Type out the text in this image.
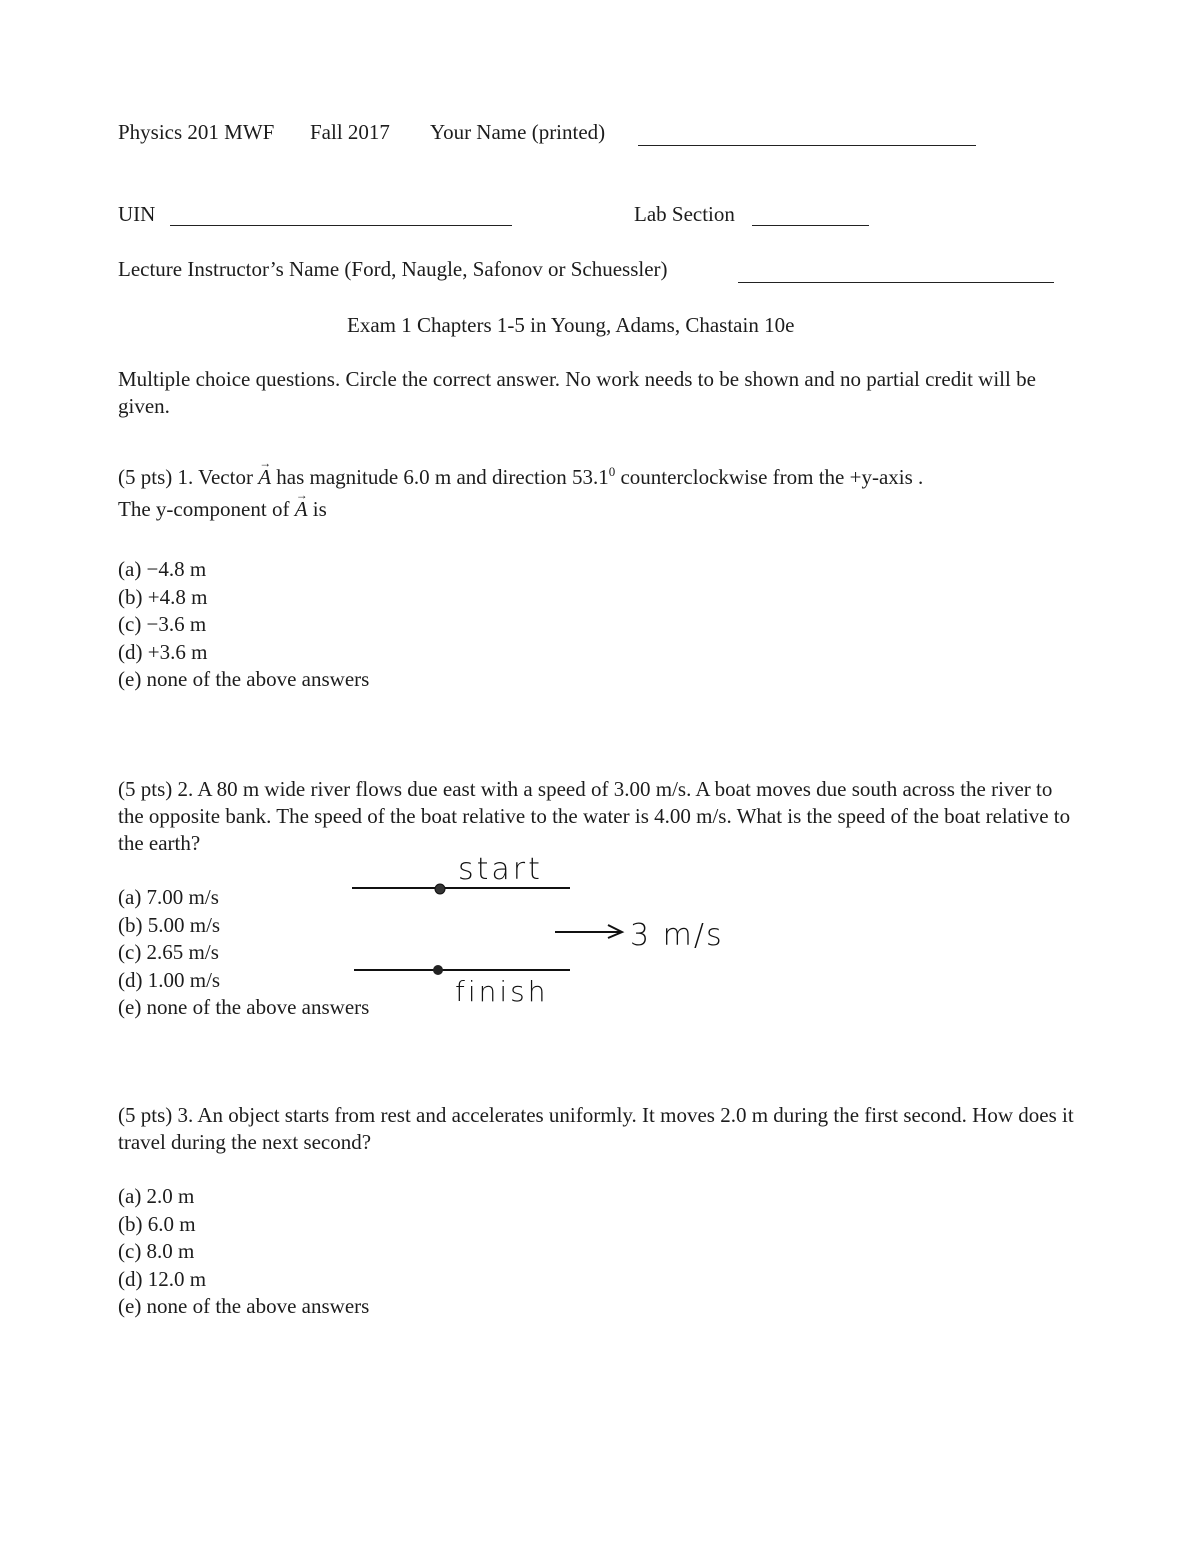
Physics 201 MWF Fall 2017 Your Name (printed)
UIN	Lab Section
Lecture Instructor’s Name (Ford, Naugle, Safonov or Schuessler)
Exam 1 Chapters 1-5 in Young, Adams, Chastain 10e
Multiple choice questions. Circle the correct answer. No work needs to be shown and no partial credit will be given.
(5 pts) 1. Vector → A has magnitude 6.0 m and direction 53.1$^0$ counterclockwise from the +y-axis .
The y-component of → A is
(a) −4.8 m
(b) +4.8 m
(c) −3.6 m
(d) +3.6 m
(e) none of the above answers
(5 pts) 2. A 80 m wide river flows due east with a speed of 3.00 m/s. A boat moves due south across the river to the opposite bank. The speed of the boat relative to the water is 4.00 m/s. What is the speed of the boat relative to the earth?
(a) 7.00 m/s
(b) 5.00 m/s
(c) 2.65 m/s
(d) 1.00 m/s
(e) none of the above answers
start
finish
3 m/s
(5 pts) 3. An object starts from rest and accelerates uniformly. It moves 2.0 m during the first second. How does it travel during the next second?
(a) 2.0 m
(b) 6.0 m
(c) 8.0 m
(d) 12.0 m
(e) none of the above answers
